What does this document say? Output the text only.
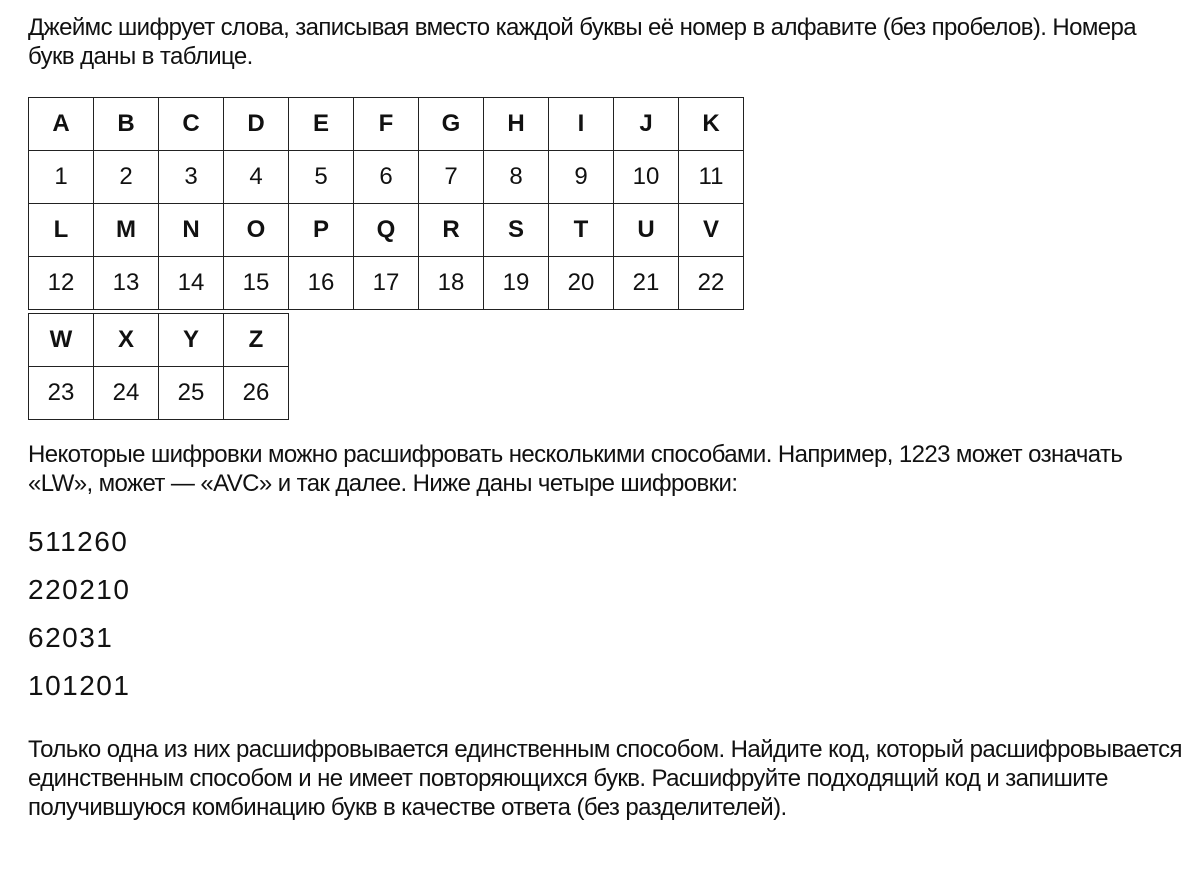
Джеймс шифрует слова, записывая вместо каждой буквы её номер в алфавите (без пробелов). Номера букв даны в таблице.

A	B	C	D	E	F	G	H	I	J	K
1	2	3	4	5	6	7	8	9	10	11
L	M	N	O	P	Q	R	S	T	U	V
12	13	14	15	16	17	18	19	20	21	22
W	X	Y	Z
23	24	25	26

Некоторые шифровки можно расшифровать несколькими способами. Например, 1223 может означать «LW», может — «AVC» и так далее. Ниже даны четыре шифровки:

511260
220210
62031
101201

Только одна из них расшифровывается единственным способом. Найдите код, который расшифровывается единственным способом и не имеет повторяющихся букв. Расшифруйте подходящий код и запишите получившуюся комбинацию букв в качестве ответа (без разделителей).
